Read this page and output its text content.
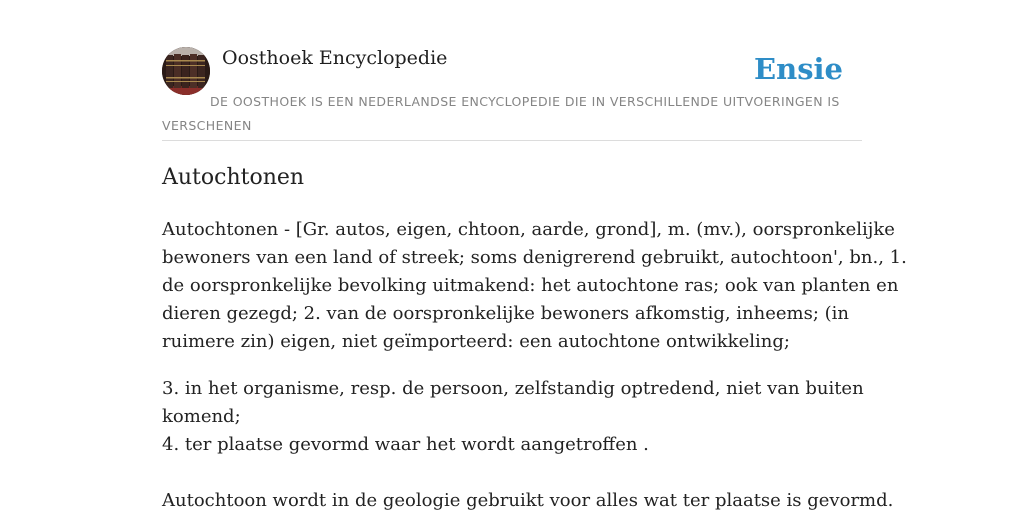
Oosthoek Encyclopedie	Ensie
DE OOSTHOEK IS EEN NEDERLANDSE ENCYCLOPEDIE DIE IN VERSCHILLENDE UITVOERINGEN IS VERSCHENEN
Autochtonen

Autochtonen - [Gr. autos, eigen, chtoon, aarde, grond], m. (mv.), oorspronkelijke
bewoners van een land of streek; soms denigrerend gebruikt, autochtoon', bn., 1.
de oorspronkelijke bevolking uitmakend: het autochtone ras; ook van planten en
dieren gezegd; 2. van de oorspronkelijke bewoners afkomstig, inheems; (in
ruimere zin) eigen, niet geïmporteerd: een autochtone ontwikkeling;

3. in het organisme, resp. de persoon, zelfstandig optredend, niet van buiten
komend;
4. ter plaatse gevormd waar het wordt aangetroffen .

Autochtoon wordt in de geologie gebruikt voor alles wat ter plaatse is gevormd.
